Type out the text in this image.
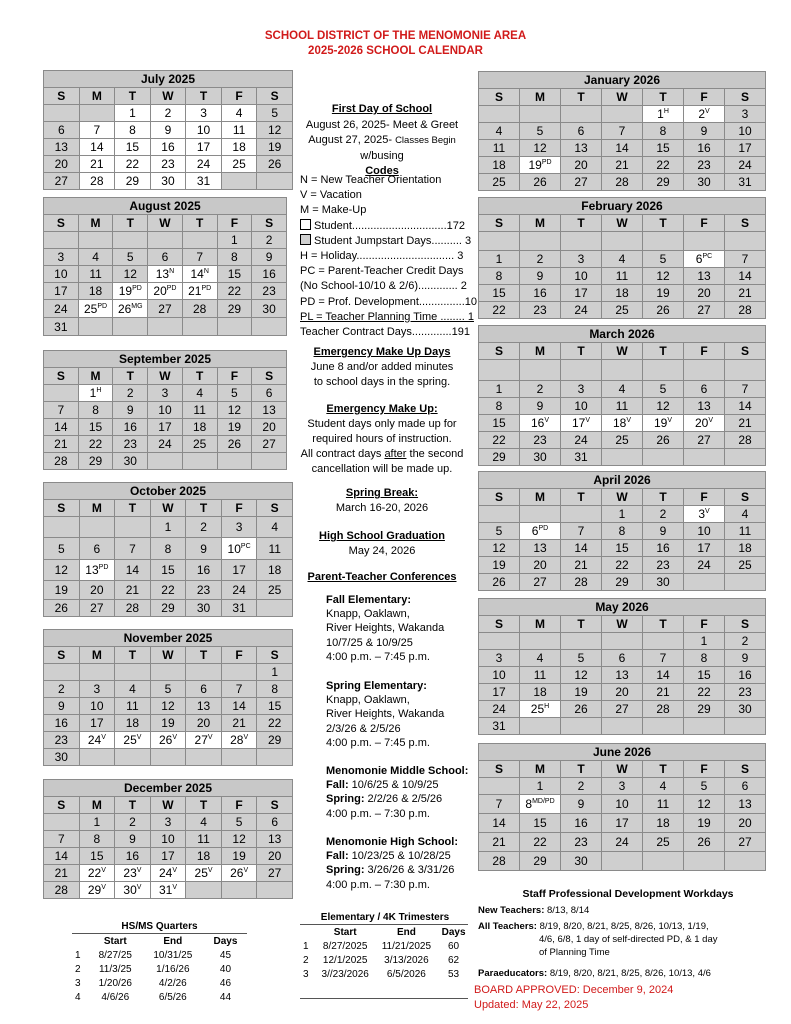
SCHOOL DISTRICT OF THE MENOMONIE AREA
2025-2026 SCHOOL CALENDAR
July 2025						
S	M	T	W	T	F	S
		1	2	3	4	5
6	7	8	9	10	11	12
13	14	15	16	17	18	19
20	21	22	23	24	25	26
27	28	29	30	31		
August 2025						
S	M	T	W	T	F	S
					1	2
3	4	5	6	7	8	9
10	11	12	$13^N$	$14^N$	15	16
17	18	$19^{PD}$	$20^{PD}$	$21^{PD}$	22	23
24	$25^{PD}$	$26^{MG}$	27	28	29	30
31						
September 2025						
S	M	T	W	T	F	S
	$1^H$	2	3	4	5	6
7	8	9	10	11	12	13
14	15	16	17	18	19	20
21	22	23	24	25	26	27
28	29	30				
October 2025						
S	M	T	W	T	F	S
			1	2	3	4
5	6	7	8	9	$10^{PC}$	11
12	$13^{PD}$	14	15	16	17	18
19	20	21	22	23	24	25
26	27	28	29	30	31	
November 2025						
S	M	T	W	T	F	S
						1
2	3	4	5	6	7	8
9	10	11	12	13	14	15
16	17	18	19	20	21	22
23	$24^V$	$25^V$	$26^V$	$27^V$	$28^V$	29
30						
December 2025						
S	M	T	W	T	F	S
	1	2	3	4	5	6
7	8	9	10	11	12	13
14	15	16	17	18	19	20
21	$22^V$	$23^V$	$24^V$	$25^V$	$26^V$	27
28	$29^V$	$30^V$	$31^V$			
January 2026						
S	M	T	W	T	F	S
				$1^H$	$2^V$	3
4	5	6	7	8	9	10
11	12	13	14	15	16	17
18	$19^{PD}$	20	21	22	23	24
25	26	27	28	29	30	31
February 2026						
S	M	T	W	T	F	S

1	2	3	4	5	$6^{PC}$	7
8	9	10	11	12	13	14
15	16	17	18	19	20	21
22	23	24	25	26	27	28
March 2026						
S	M	T	W	T	F	S

1	2	3	4	5	6	7
8	9	10	11	12	13	14
15	$16^V$	$17^V$	$18^V$	$19^V$	$20^V$	21
22	23	24	25	26	27	28
29	30	31				
April 2026						
S	M	T	W	T	F	S
			1	2	$3^V$	4
5	$6^{PD}$	7	8	9	10	11
12	13	14	15	16	17	18
19	20	21	22	23	24	25
26	27	28	29	30		
May 2026						
S	M	T	W	T	F	S
					1	2
3	4	5	6	7	8	9
10	11	12	13	14	15	16
17	18	19	20	21	22	23
24	$25^H$	26	27	28	29	30
31						
June 2026						
S	M	T	W	T	F	S
	1	2	3	4	5	6
7	$8^{MD/PD}$	9	10	11	12	13
14	15	16	17	18	19	20
21	22	23	24	25	26	27
28	29	30				
First Day of School
August 26, 2025- Meet & Greet
August 27, 2025- Classes Begin
w/busing
Codes
N = New Teacher Orientation
V = Vacation
M = Make-Up
Student...............................172
Student Jumpstart Days.......... 3
H = Holiday................................ 3
PC = Parent-Teacher Credit Days
(No School-10/10 & 2/6)............. 2
PD = Prof. Development...............10
PL = Teacher Planning Time ........ 1
Teacher Contract Days.............191
Emergency Make Up Days
June 8 and/or added minutes
to school days in the spring.
Emergency Make Up:
Student days only made up for
required hours of instruction.
All contract days after the second
cancellation will be made up.
Spring Break:
March 16-20, 2026
High School Graduation
May 24, 2026
Parent-Teacher Conferences
Fall Elementary:
Knapp, Oaklawn,
River Heights, Wakanda
10/7/25 & 10/9/25
4:00 p.m. – 7:45 p.m.
Spring Elementary:
Knapp, Oaklawn,
River Heights, Wakanda
2/3/26 & 2/5/26
4:00 p.m. – 7:45 p.m.
Menomonie Middle School:
Fall: 10/6/25 & 10/9/25
Spring: 2/2/26 & 2/5/26
4:00 p.m. – 7:30 p.m.
Menomonie High School:
Fall: 10/23/25 & 10/28/25
Spring: 3/26/26 & 3/31/26
4:00 p.m. – 7:30 p.m.
HS/MS Quarters
	Start	End	Days
1	8/27/25	10/31/25	45
2	11/3/25	1/16/26	40
3	1/20/26	4/2/26	46
4	4/6/26	6/5/26	44
Elementary / 4K Trimesters
	Start	End	Days
1	8/27/2025	11/21/2025	60
2	12/1/2025	3/13/2026	62
3	3//23/2026	6/5/2026	53
Staff Professional Development Workdays
New Teachers: 8/13, 8/14
All Teachers: 8/19, 8/20, 8/21, 8/25, 8/26, 10/13, 1/19,
4/6, 6/8, 1 day of self-directed PD, & 1 day
of Planning Time
Paraeducators: 8/19, 8/20, 8/21, 8/25, 8/26, 10/13, 4/6
BOARD APPROVED: December 9, 2024
Updated: May 22, 2025
